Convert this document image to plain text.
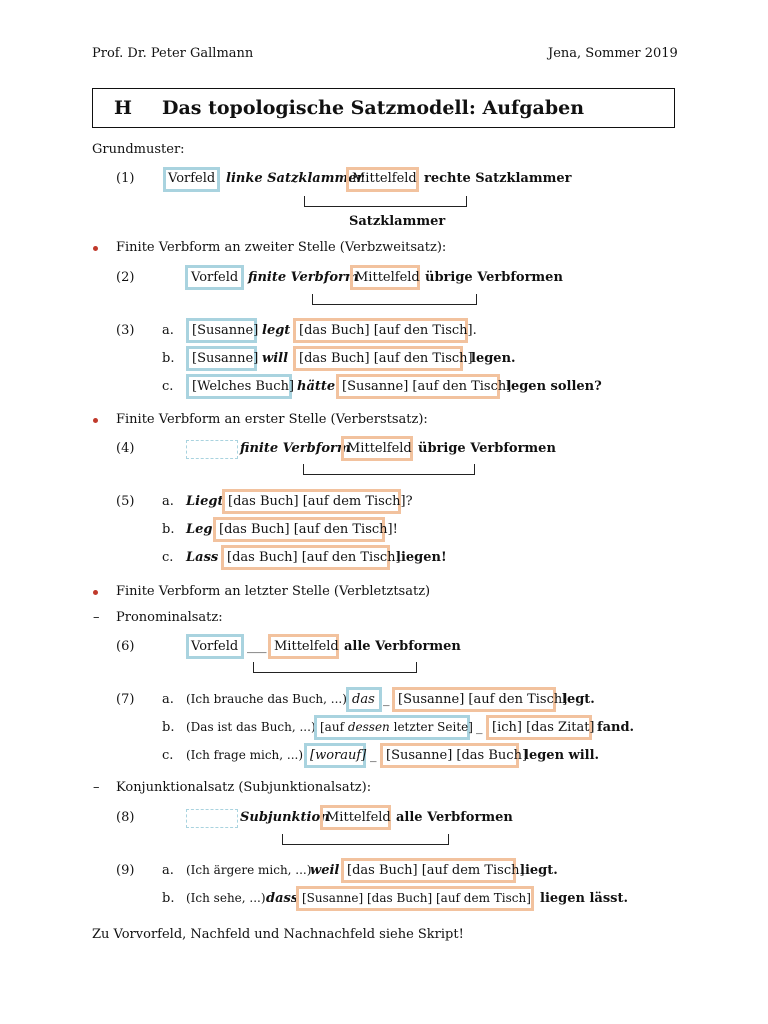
Prof. Dr. Peter Gallmann	Jena, Sommer 2019
H Das topologische Satzmodell: Aufgaben
Grundmuster:
(1)	Vorfeld linke Satzklammer
Mittelfeld rechte Satzklammer
Satzklammer
Finite Verbform an zweiter Stelle (Verbzweitsatz):
(2)	Vorfeld finite Verbform
Mittelfeld übrige Verbformen
(3) a. [Susanne] legt [das Buch] [auf den Tisch].
b. [Susanne] will [das Buch] [auf den Tisch]
legen.
c. [Welches Buch] hätte [Susanne] [auf den Tisch]
legen sollen?
Finite Verbform an erster Stelle (Verberstsatz):
(4)	finite Verbform
Mittelfeld übrige Verbformen
(5) a. Liegt [das Buch] [auf dem Tisch]?
b. Leg [das Buch] [auf den Tisch]!
c. Lass [das Buch] [auf den Tisch]
liegen!
Finite Verbform an letzter Stelle (Verbletztsatz)
– Pronominalsatz:
(6)	Vorfeld ___ Mittelfeld alle Verbformen
(7) a. (Ich brauche das Buch, ...) das _ [Susanne] [auf den Tisch]
legt.
b. (Das ist das Buch, ...) [auf dessen letzter Seite] _ [ich] [das Zitat] fand.
c. (Ich frage mich, ...) [worauf] _ [Susanne] [das Buch]
legen will.
– Konjunktionalsatz (Subjunktionalsatz):
(8)	Subjunktion
Mittelfeld alle Verbformen
(9) a. (Ich ärgere mich, ...)
weil [das Buch] [auf dem Tisch]
liegt.
b. (Ich sehe, ...) dass [Susanne] [das Buch] [auf dem Tisch] liegen lässt.
Zu Vorvorfeld, Nachfeld und Nachnachfeld siehe Skript!
